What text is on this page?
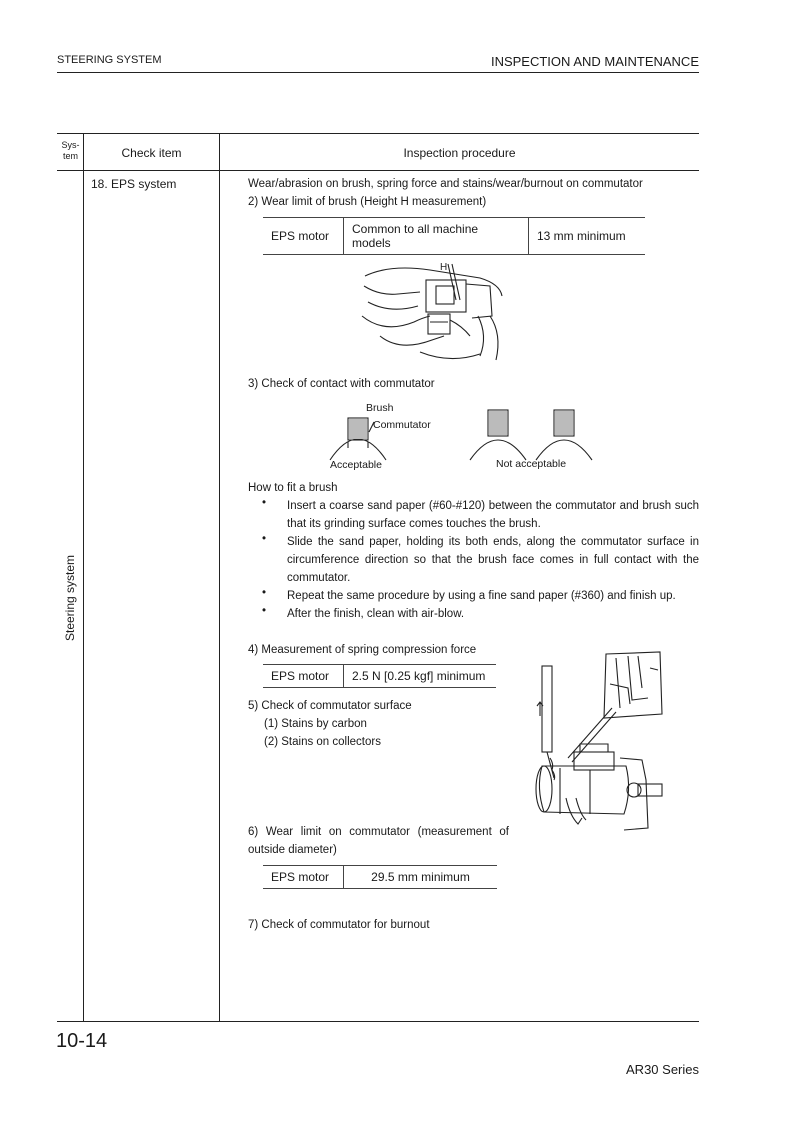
STEERING SYSTEM	INSPECTION AND MAINTENANCE
Sys-
tem	Check item	Inspection procedure
Steering system
18. EPS system	Wear/abrasion on brush, spring force and stains/wear/burnout on commutator
2) Wear limit of brush (Height H measurement)
EPS motor	Common to all machine models	13 mm minimum
H
3) Check of contact with commutator
Brush
Commutator
Acceptable	Not acceptable
How to fit a brush
• Insert a coarse sand paper (#60-#120) between the commutator and brush such that its grinding surface comes touches the brush.
• Slide the sand paper, holding its both ends, along the commutator surface in circumference direction so that the brush face comes in full contact with the commutator.
• Repeat the same procedure by using a fine sand paper (#360) and finish up.
• After the finish, clean with air-blow.
4) Measurement of spring compression force
EPS motor	2.5 N [0.25 kgf] minimum
5) Check of commutator surface
(1) Stains by carbon
(2) Stains on collectors
6) Wear limit on commutator (measurement of outside diameter)
EPS motor	29.5 mm minimum
7) Check of commutator for burnout
10-14
AR30 Series
